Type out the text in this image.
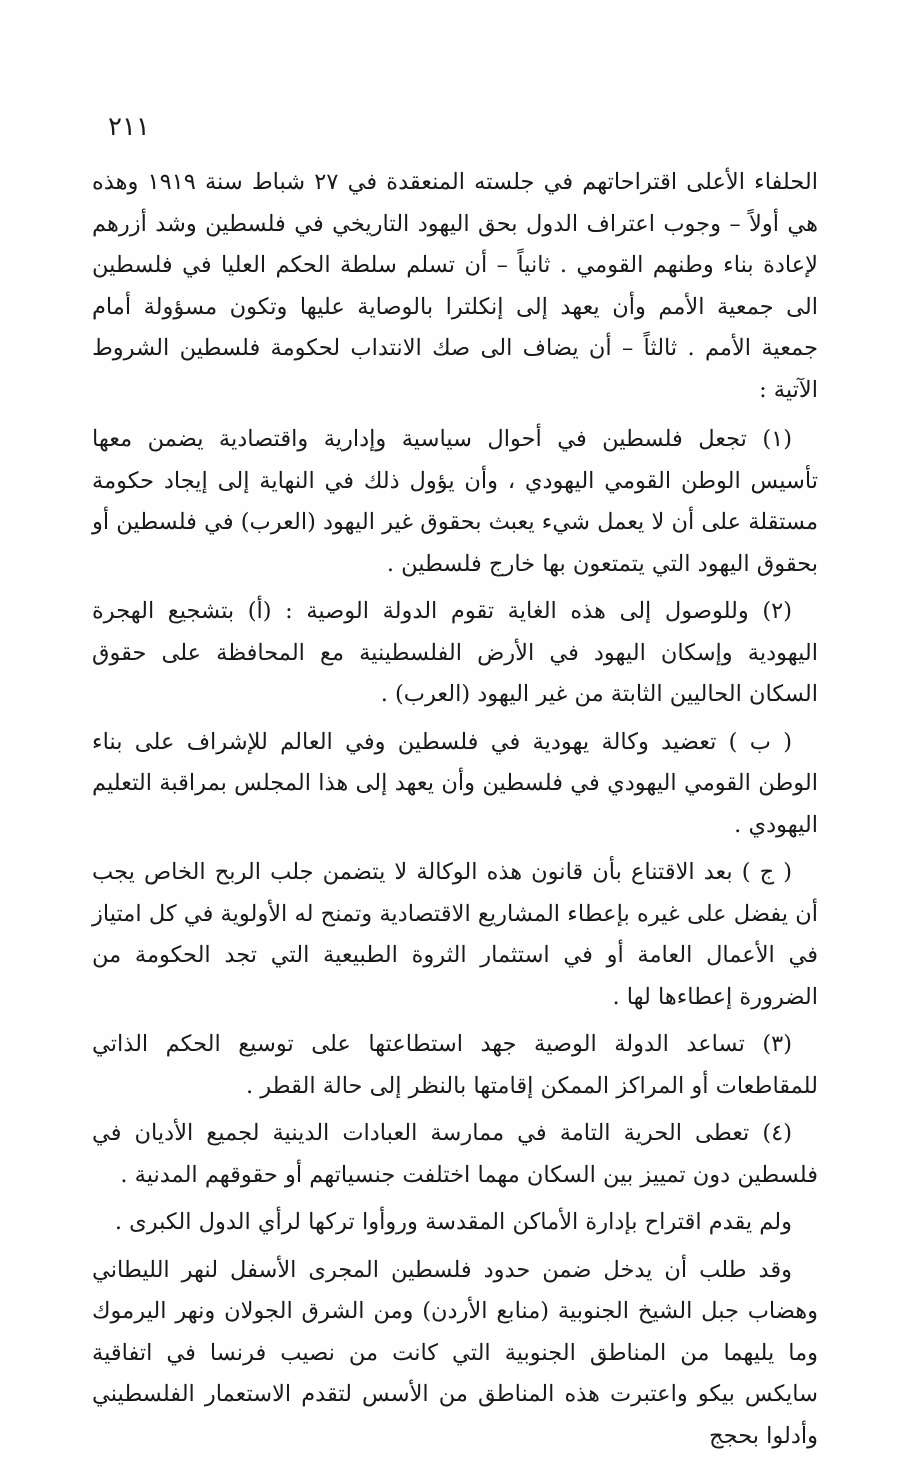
٢١١

الحلفاء الأعلى اقتراحاتهم في جلسته المنعقدة في ٢٧ شباط سنة ١٩١٩ وهذه هي أولاً – وجوب اعتراف الدول بحق اليهود التاريخي في فلسطين وشد أزرهم لإعادة بناء وطنهم القومي . ثانياً – أن تسلم سلطة الحكم العليا في فلسطين الى جمعية الأمم وأن يعهد إلى إنكلترا بالوصاية عليها وتكون مسؤولة أمام جمعية الأمم . ثالثاً – أن يضاف الى صك الانتداب لحكومة فلسطين الشروط الآتية :

(١) تجعل فلسطين في أحوال سياسية وإدارية واقتصادية يضمن معها تأسيس الوطن القومي اليهودي ، وأن يؤول ذلك في النهاية إلى إيجاد حكومة مستقلة على أن لا يعمل شيء يعبث بحقوق غير اليهود (العرب) في فلسطين أو بحقوق اليهود التي يتمتعون بها خارج فلسطين .

(٢) وللوصول إلى هذه الغاية تقوم الدولة الوصية : (أ) بتشجيع الهجرة اليهودية وإسكان اليهود في الأرض الفلسطينية مع المحافظة على حقوق السكان الحاليين الثابتة من غير اليهود (العرب) .

( ب ) تعضيد وكالة يهودية في فلسطين وفي العالم للإشراف على بناء الوطن القومي اليهودي في فلسطين وأن يعهد إلى هذا المجلس بمراقبة التعليم اليهودي .

( ج ) بعد الاقتناع بأن قانون هذه الوكالة لا يتضمن جلب الربح الخاص يجب أن يفضل على غيره بإعطاء المشاريع الاقتصادية وتمنح له الأولوية في كل امتياز في الأعمال العامة أو في استثمار الثروة الطبيعية التي تجد الحكومة من الضرورة إعطاءها لها .

(٣) تساعد الدولة الوصية جهد استطاعتها على توسيع الحكم الذاتي للمقاطعات أو المراكز الممكن إقامتها بالنظر إلى حالة القطر .

(٤) تعطى الحرية التامة في ممارسة العبادات الدينية لجميع الأديان في فلسطين دون تمييز بين السكان مهما اختلفت جنسياتهم أو حقوقهم المدنية .

ولم يقدم اقتراح بإدارة الأماكن المقدسة وروأوا تركها لرأي الدول الكبرى .

وقد طلب أن يدخل ضمن حدود فلسطين المجرى الأسفل لنهر الليطاني وهضاب جبل الشيخ الجنوبية (منابع الأردن) ومن الشرق الجولان ونهر اليرموك وما يليهما من المناطق الجنوبية التي كانت من نصيب فرنسا في اتفاقية سايكس بيكو واعتبرت هذه المناطق من الأسس لتقدم الاستعمار الفلسطيني وأدلوا بحجج
